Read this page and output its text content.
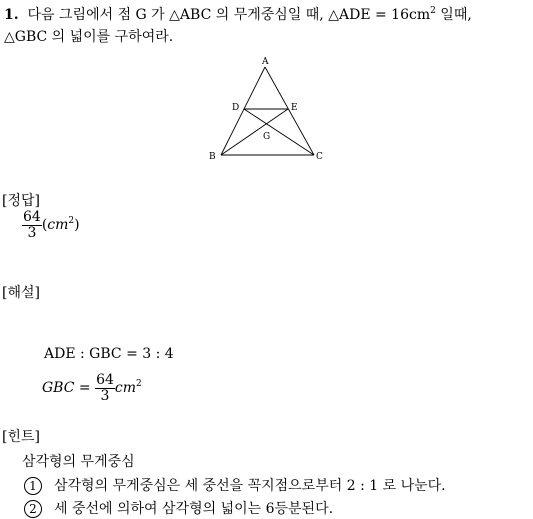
1. 다음 그림에서 점 G 가 △ABC 의 무게중심일 때, △ADE = $16cm^2$ 일때,
△GBC 의 넓이를 구하여라.
A
D	E
G
B	C
[정답]
$\frac{64}{3} (cm^2)$
[해설]
ADE : GBC = 3 : 4
GBC = $\frac{64}{3} cm^2$
[힌트]
삼각형의 무게중심
1 삼각형의 무게중심은 세 중선을 꼭지점으로부터 2 : 1 로 나눈다.
2 세 중선에 의하여 삼각형의 넓이는 6등분된다.
